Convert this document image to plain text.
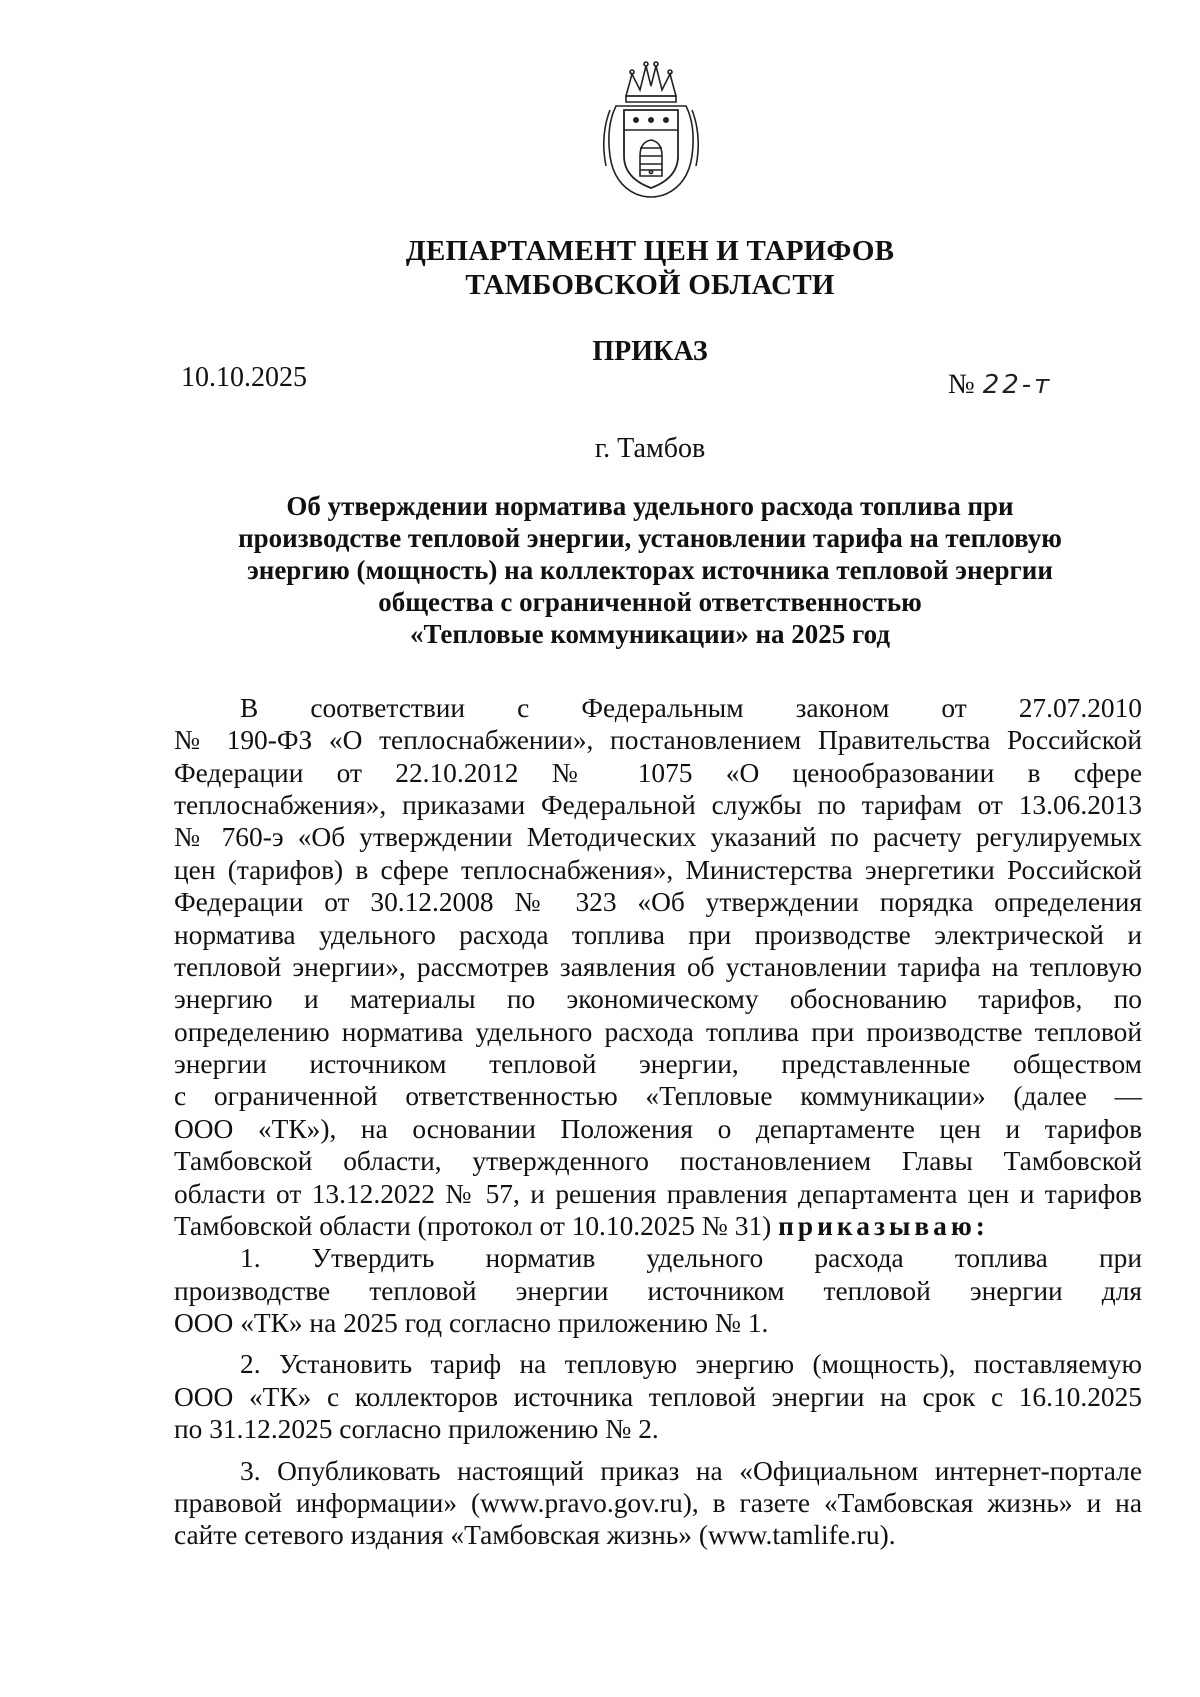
ДЕПАРТАМЕНТ ЦЕН И ТАРИФОВ
ТАМБОВСКОЙ ОБЛАСТИ
ПРИКАЗ
10.10.2025	№ 22-т
г. Тамбов
Об утверждении норматива удельного расхода топлива при
производстве тепловой энергии, установлении тарифа на тепловую
энергию (мощность) на коллекторах источника тепловой энергии
общества с ограниченной ответственностью
«Тепловые коммуникации» на 2025 год
В соответствии с Федеральным законом от 27.07.2010
№ 190-ФЗ «О теплоснабжении», постановлением Правительства Российской
Федерации от 22.10.2012 № 1075 «О ценообразовании в сфере
теплоснабжения», приказами Федеральной службы по тарифам от 13.06.2013
№ 760-э «Об утверждении Методических указаний по расчету регулируемых
цен (тарифов) в сфере теплоснабжения», Министерства энергетики Российской
Федерации от 30.12.2008 № 323 «Об утверждении порядка определения
норматива удельного расхода топлива при производстве электрической и
тепловой энергии», рассмотрев заявления об установлении тарифа на тепловую
энергию и материалы по экономическому обоснованию тарифов, по
определению норматива удельного расхода топлива при производстве тепловой
энергии источником тепловой энергии, представленные обществом
с ограниченной ответственностью «Тепловые коммуникации» (далее —
ООО «ТК»), на основании Положения о департаменте цен и тарифов
Тамбовской области, утвержденного постановлением Главы Тамбовской
области от 13.12.2022 № 57, и решения правления департамента цен и тарифов
Тамбовской области (протокол от 10.10.2025 № 31) приказываю:
1. Утвердить норматив удельного расхода топлива при
производстве тепловой энергии источником тепловой энергии для
ООО «ТК» на 2025 год согласно приложению № 1.
2. Установить тариф на тепловую энергию (мощность), поставляемую
ООО «ТК» с коллекторов источника тепловой энергии на срок с 16.10.2025
по 31.12.2025 согласно приложению № 2.
3. Опубликовать настоящий приказ на «Официальном интернет-портале
правовой информации» (www.pravo.gov.ru), в газете «Тамбовская жизнь» и на
сайте сетевого издания «Тамбовская жизнь» (www.tamlife.ru).
